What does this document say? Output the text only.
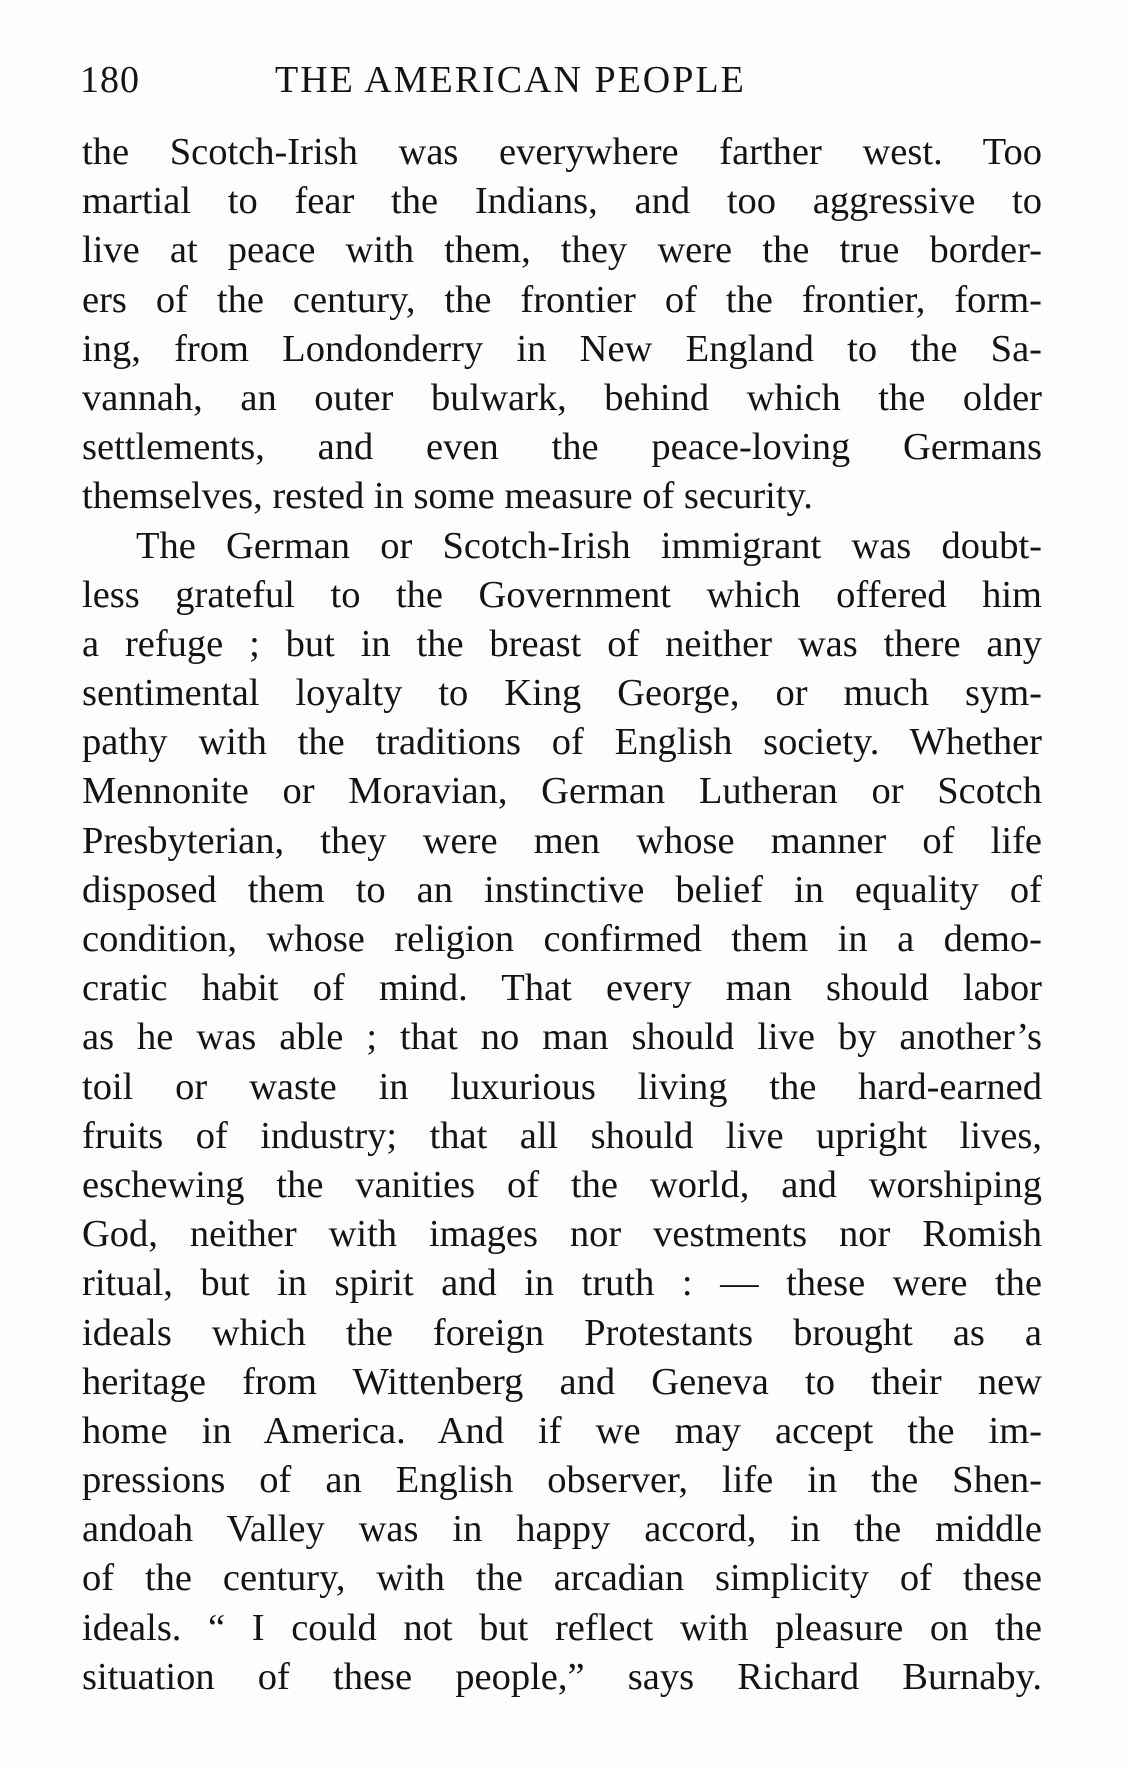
180	THE AMERICAN PEOPLE
the Scotch-Irish was everywhere farther west. Too
martial to fear the Indians, and too aggressive to
live at peace with them, they were the true border-
ers of the century, the frontier of the frontier, form-
ing, from Londonderry in New England to the Sa-
vannah, an outer bulwark, behind which the older
settlements, and even the peace-loving Germans
themselves, rested in some measure of security.
The German or Scotch-Irish immigrant was doubt-
less grateful to the Government which offered him
a refuge ; but in the breast of neither was there any
sentimental loyalty to King George, or much sym-
pathy with the traditions of English society. Whether
Mennonite or Moravian, German Lutheran or Scotch
Presbyterian, they were men whose manner of life
disposed them to an instinctive belief in equality of
condition, whose religion confirmed them in a demo-
cratic habit of mind. That every man should labor
as he was able ; that no man should live by another’s
toil or waste in luxurious living the hard-earned
fruits of industry; that all should live upright lives,
eschewing the vanities of the world, and worshiping
God, neither with images nor vestments nor Romish
ritual, but in spirit and in truth : — these were the
ideals which the foreign Protestants brought as a
heritage from Wittenberg and Geneva to their new
home in America. And if we may accept the im-
pressions of an English observer, life in the Shen-
andoah Valley was in happy accord, in the middle
of the century, with the arcadian simplicity of these
ideals. “ I could not but reflect with pleasure on the
situation of these people,” says Richard Burnaby.
